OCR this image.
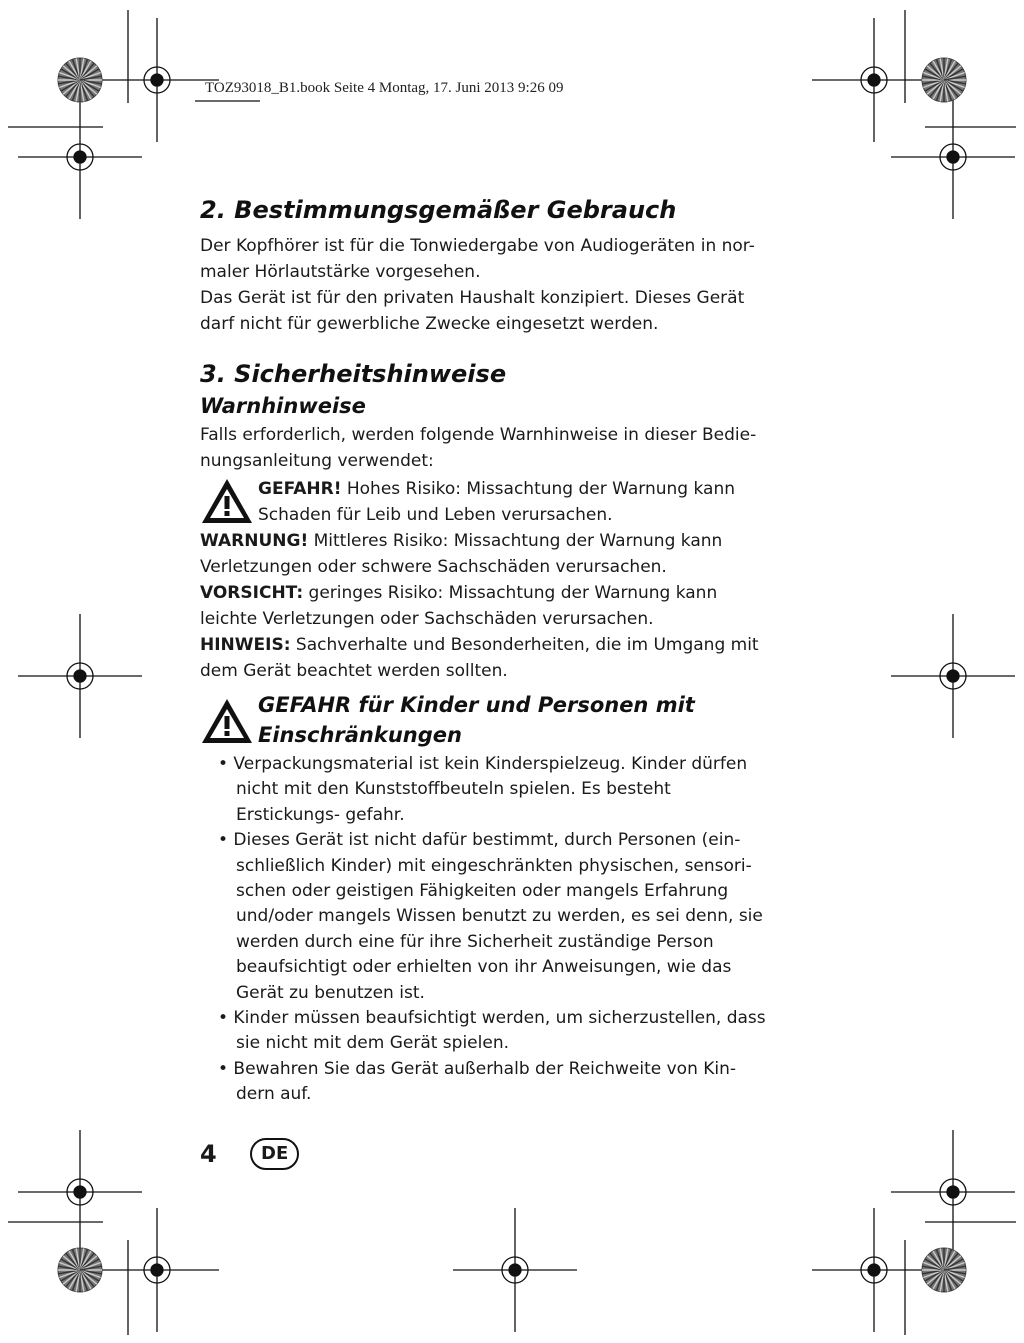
TOZ93018_B1.book Seite 4 Montag, 17. Juni 2013 9:26 09
2. Bestimmungsgemäßer Gebrauch

Der Kopfhörer ist für die Tonwiedergabe von Audiogeräten in nor-

maler Hörlautstärke vorgesehen.

Das Gerät ist für den privaten Haushalt konzipiert. Dieses Gerät

darf nicht für gewerbliche Zwecke eingesetzt werden.

3. Sicherheitshinweise
Warnhinweise

Falls erforderlich, werden folgende Warnhinweise in dieser Bedie-

nungsanleitung verwendet:

GEFAHR! Hohes Risiko: Missachtung der Warnung kann

Schaden für Leib und Leben verursachen.

WARNUNG! Mittleres Risiko: Missachtung der Warnung kann

Verletzungen oder schwere Sachschäden verursachen.

VORSICHT: geringes Risiko: Missachtung der Warnung kann

leichte Verletzungen oder Sachschäden verursachen.

HINWEIS: Sachverhalte und Besonderheiten, die im Umgang mit

dem Gerät beachtet werden sollten.

GEFAHR für Kinder und Personen mit
Einschränkungen
• Verpackungsmaterial ist kein Kinderspielzeug. Kinder dürfen nicht mit den Kunststoffbeuteln spielen. Es besteht Erstickungs- gefahr.
• Dieses Gerät ist nicht dafür bestimmt, durch Personen (ein- schließlich Kinder) mit eingeschränkten physischen, sensori- schen oder geistigen Fähigkeiten oder mangels Erfahrung und/oder mangels Wissen benutzt zu werden, es sei denn, sie werden durch eine für ihre Sicherheit zuständige Person beaufsichtigt oder erhielten von ihr Anweisungen, wie das Gerät zu benutzen ist.
• Kinder müssen beaufsichtigt werden, um sicherzustellen, dass sie nicht mit dem Gerät spielen.
• Bewahren Sie das Gerät außerhalb der Reichweite von Kin- dern auf.
4	DE
